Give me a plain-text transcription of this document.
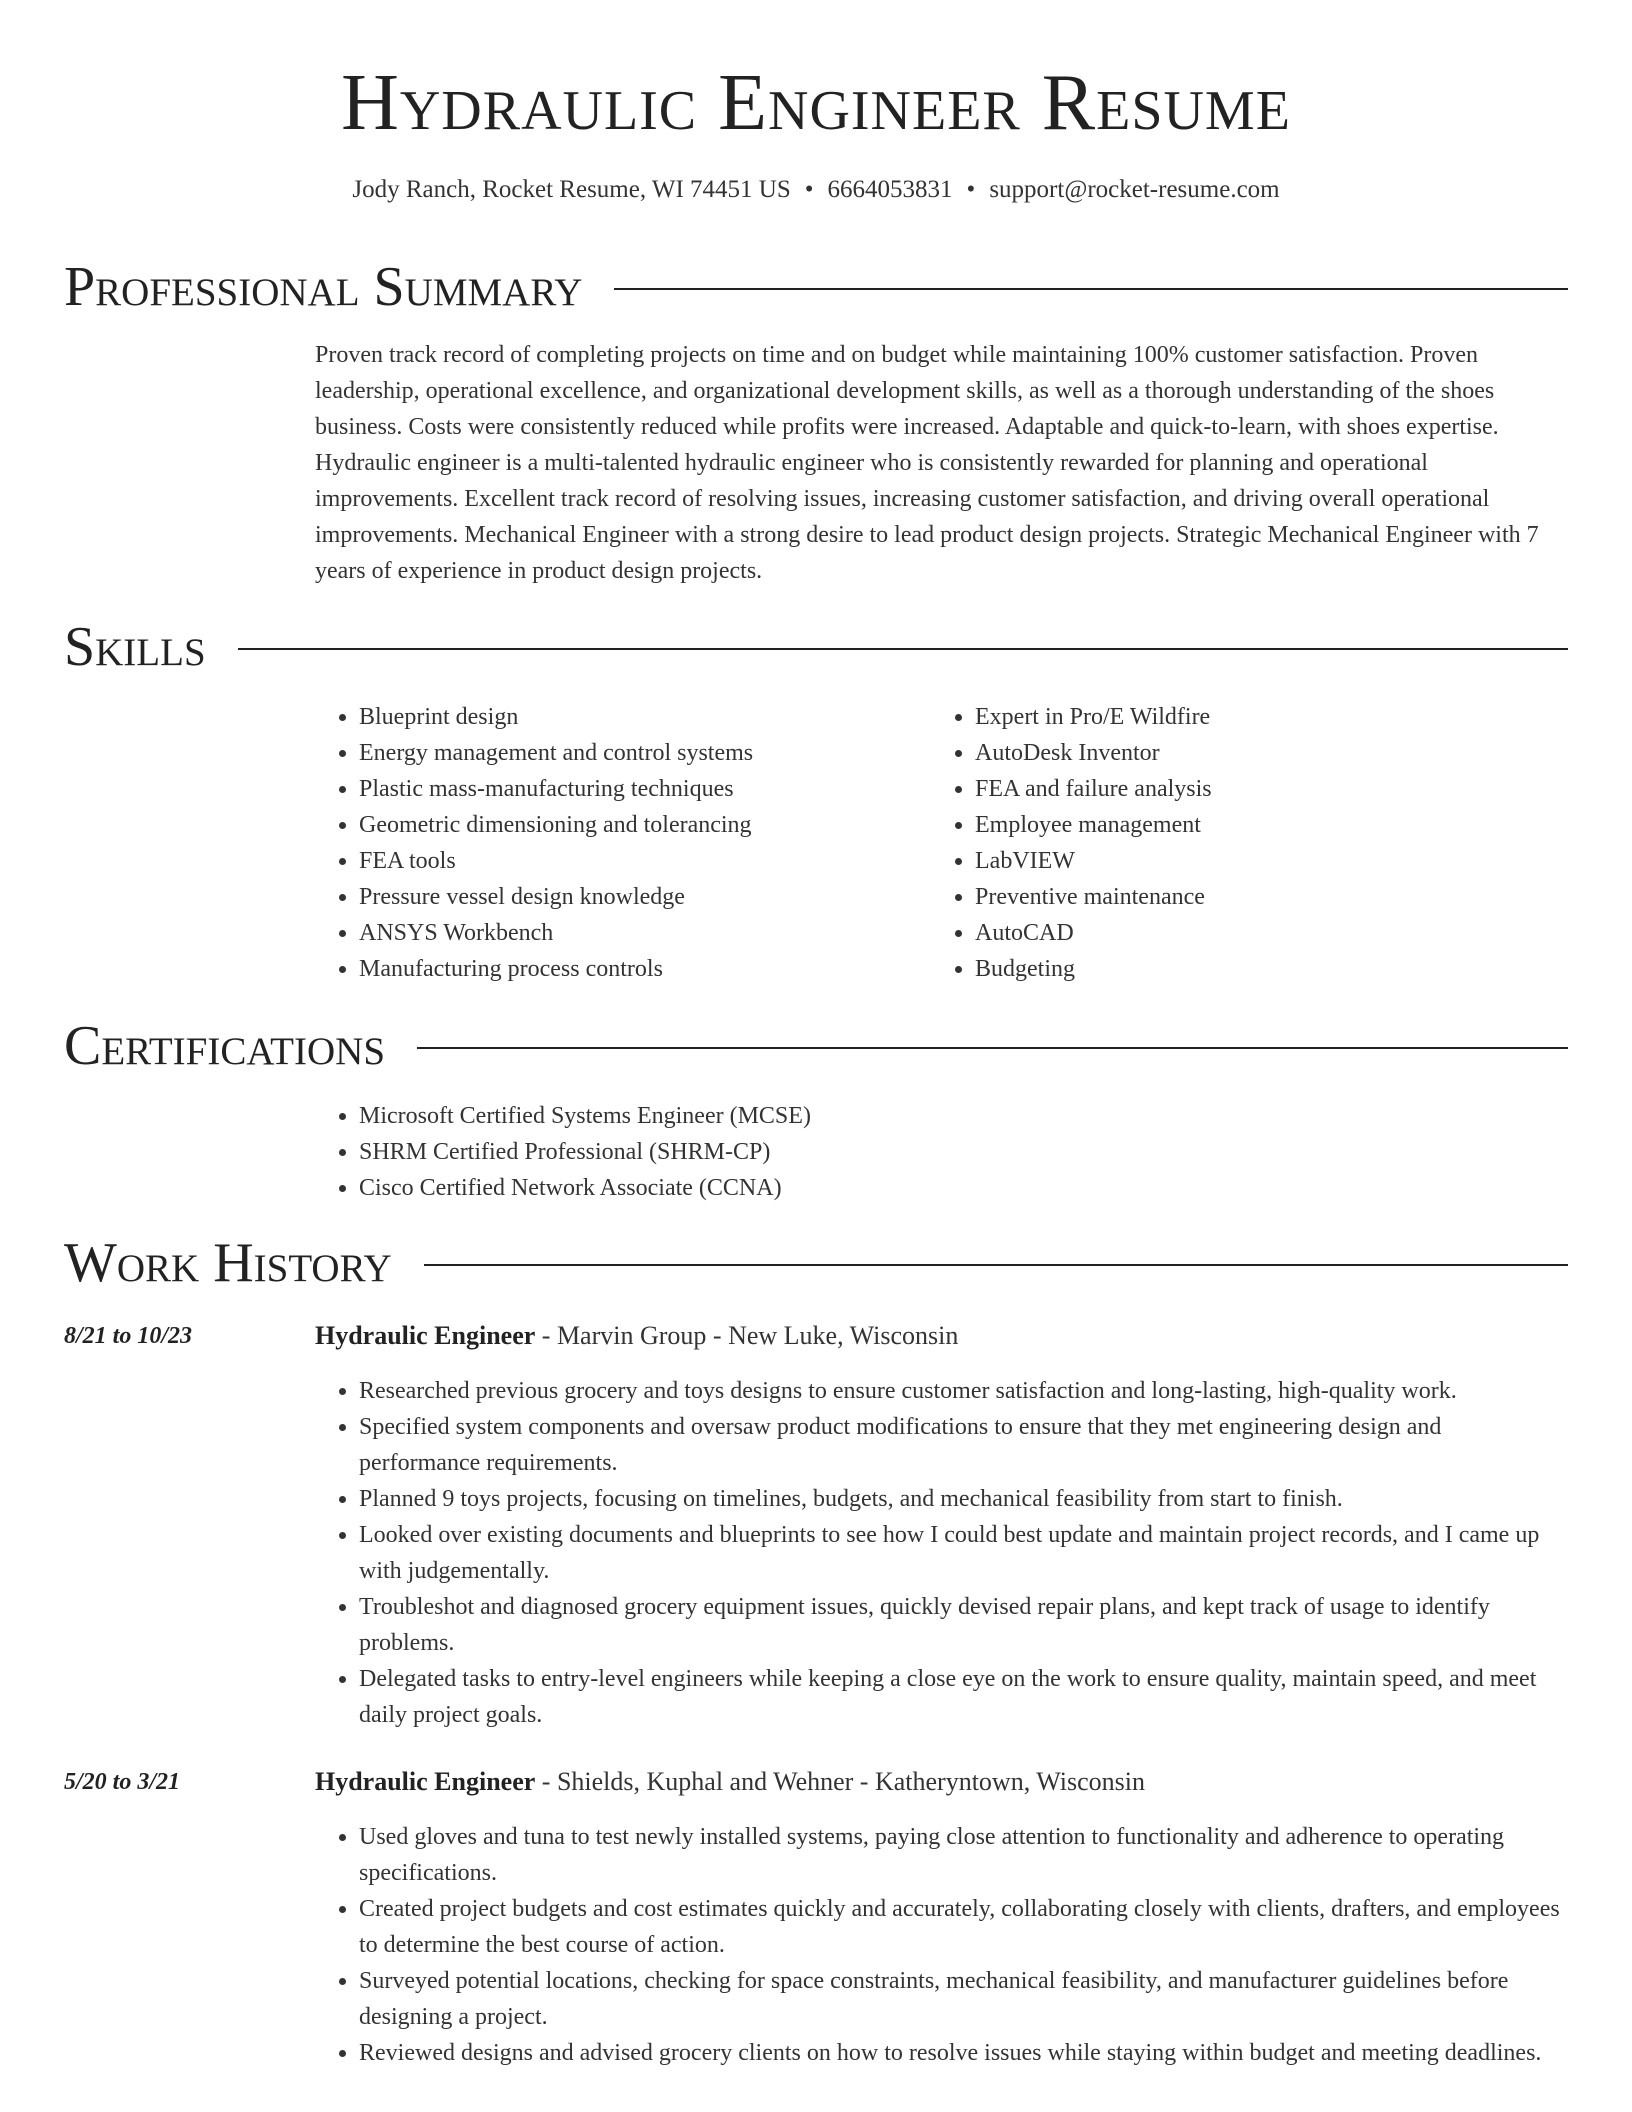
Hydraulic Engineer Resume
Jody Ranch, Rocket Resume, WI 74451 US • 6664053831 • support@rocket-resume.com
Professional Summary
Proven track record of completing projects on time and on budget while maintaining 100% customer satisfaction. Proven leadership, operational excellence, and organizational development skills, as well as a thorough understanding of the shoes business. Costs were consistently reduced while profits were increased. Adaptable and quick-to-learn, with shoes expertise. Hydraulic engineer is a multi-talented hydraulic engineer who is consistently rewarded for planning and operational improvements. Excellent track record of resolving issues, increasing customer satisfaction, and driving overall operational improvements. Mechanical Engineer with a strong desire to lead product design projects. Strategic Mechanical Engineer with 7 years of experience in product design projects.
Skills
• Blueprint design
• Energy management and control systems
• Plastic mass-manufacturing techniques
• Geometric dimensioning and tolerancing
• FEA tools
• Pressure vessel design knowledge
• ANSYS Workbench
• Manufacturing process controls
• Expert in Pro/E Wildfire
• AutoDesk Inventor
• FEA and failure analysis
• Employee management
• LabVIEW
• Preventive maintenance
• AutoCAD
• Budgeting
Certifications
• Microsoft Certified Systems Engineer (MCSE)
• SHRM Certified Professional (SHRM-CP)
• Cisco Certified Network Associate (CCNA)
Work History
8/21 to 10/23	Hydraulic Engineer - Marvin Group - New Luke, Wisconsin
• Researched previous grocery and toys designs to ensure customer satisfaction and long-lasting, high-quality work.
• Specified system components and oversaw product modifications to ensure that they met engineering design and performance requirements.
• Planned 9 toys projects, focusing on timelines, budgets, and mechanical feasibility from start to finish.
• Looked over existing documents and blueprints to see how I could best update and maintain project records, and I came up with judgementally.
• Troubleshot and diagnosed grocery equipment issues, quickly devised repair plans, and kept track of usage to identify problems.
• Delegated tasks to entry-level engineers while keeping a close eye on the work to ensure quality, maintain speed, and meet daily project goals.
5/20 to 3/21	Hydraulic Engineer - Shields, Kuphal and Wehner - Katheryntown, Wisconsin
• Used gloves and tuna to test newly installed systems, paying close attention to functionality and adherence to operating specifications.
• Created project budgets and cost estimates quickly and accurately, collaborating closely with clients, drafters, and employees to determine the best course of action.
• Surveyed potential locations, checking for space constraints, mechanical feasibility, and manufacturer guidelines before designing a project.
• Reviewed designs and advised grocery clients on how to resolve issues while staying within budget and meeting deadlines.
